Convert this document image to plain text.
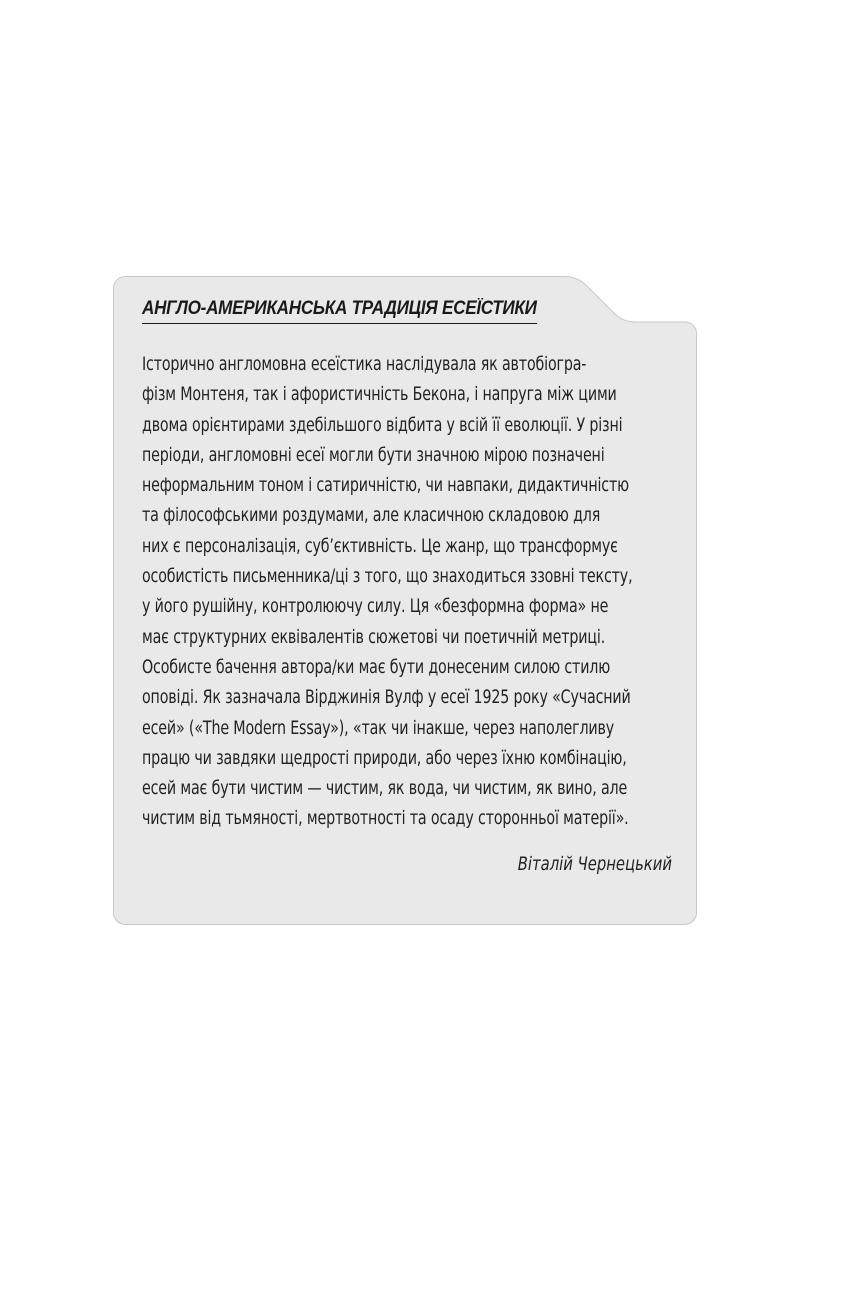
АНГЛО-АМЕРИКАНСЬКА ТРАДИЦІЯ ЕСЕЇСТИКИ
Історично англомовна есеїстика наслідувала як автобіогра-
фізм Монтеня, так і афористичність Бекона, і напруга між цими
двома орієнтирами здебільшого відбита у всій її еволюції. У різні
періоди, англомовні есеї могли бути значною мірою позначені
неформальним тоном і сатиричністю, чи навпаки, дидактичністю
та філософськими роздумами, але класичною складовою для
них є персоналізація, суб’єктивність. Це жанр, що трансформує
особистість письменника/ці з того, що знаходиться ззовні тексту,
у його рушійну, контролюючу силу. Ця «безформна форма» не
має структурних еквівалентів сюжетові чи поетичній метриці.
Особисте бачення автора/ки має бути донесеним силою стилю
оповіді. Як зазначала Вірджинія Вулф у есеї 1925 року «Сучасний
есей» («The Modern Essay»), «так чи інакше, через наполегливу
працю чи завдяки щедрості природи, або через їхню комбінацію,
есей має бути чистим — чистим, як вода, чи чистим, як вино, але
чистим від тьмяності, мертвотності та осаду сторонньої матерії».
Віталій Чернецький
